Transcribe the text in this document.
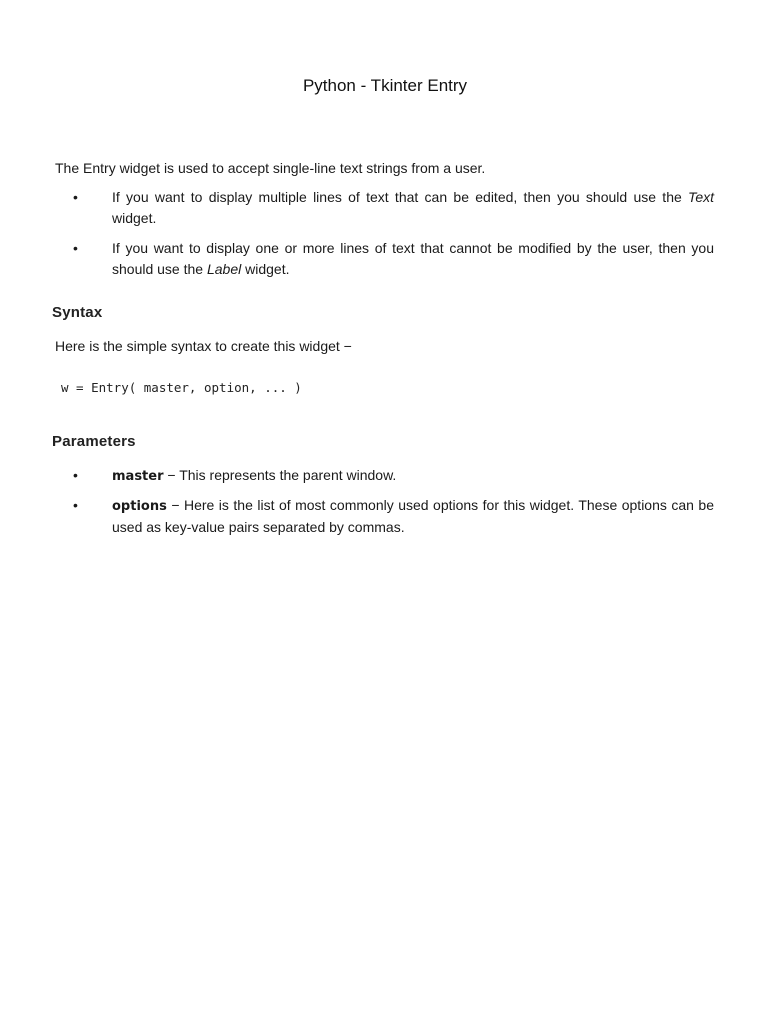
Python - Tkinter Entry
The Entry widget is used to accept single-line text strings from a user.
•	If you want to display multiple lines of text that can be edited, then you should use the Text widget.
•	If you want to display one or more lines of text that cannot be modified by the user, then you should use the Label widget.
Syntax
Here is the simple syntax to create this widget −
w = Entry( master, option, ... )
Parameters
•	master − This represents the parent window.
•	options − Here is the list of most commonly used options for this widget. These options can be used as key-value pairs separated by commas.
